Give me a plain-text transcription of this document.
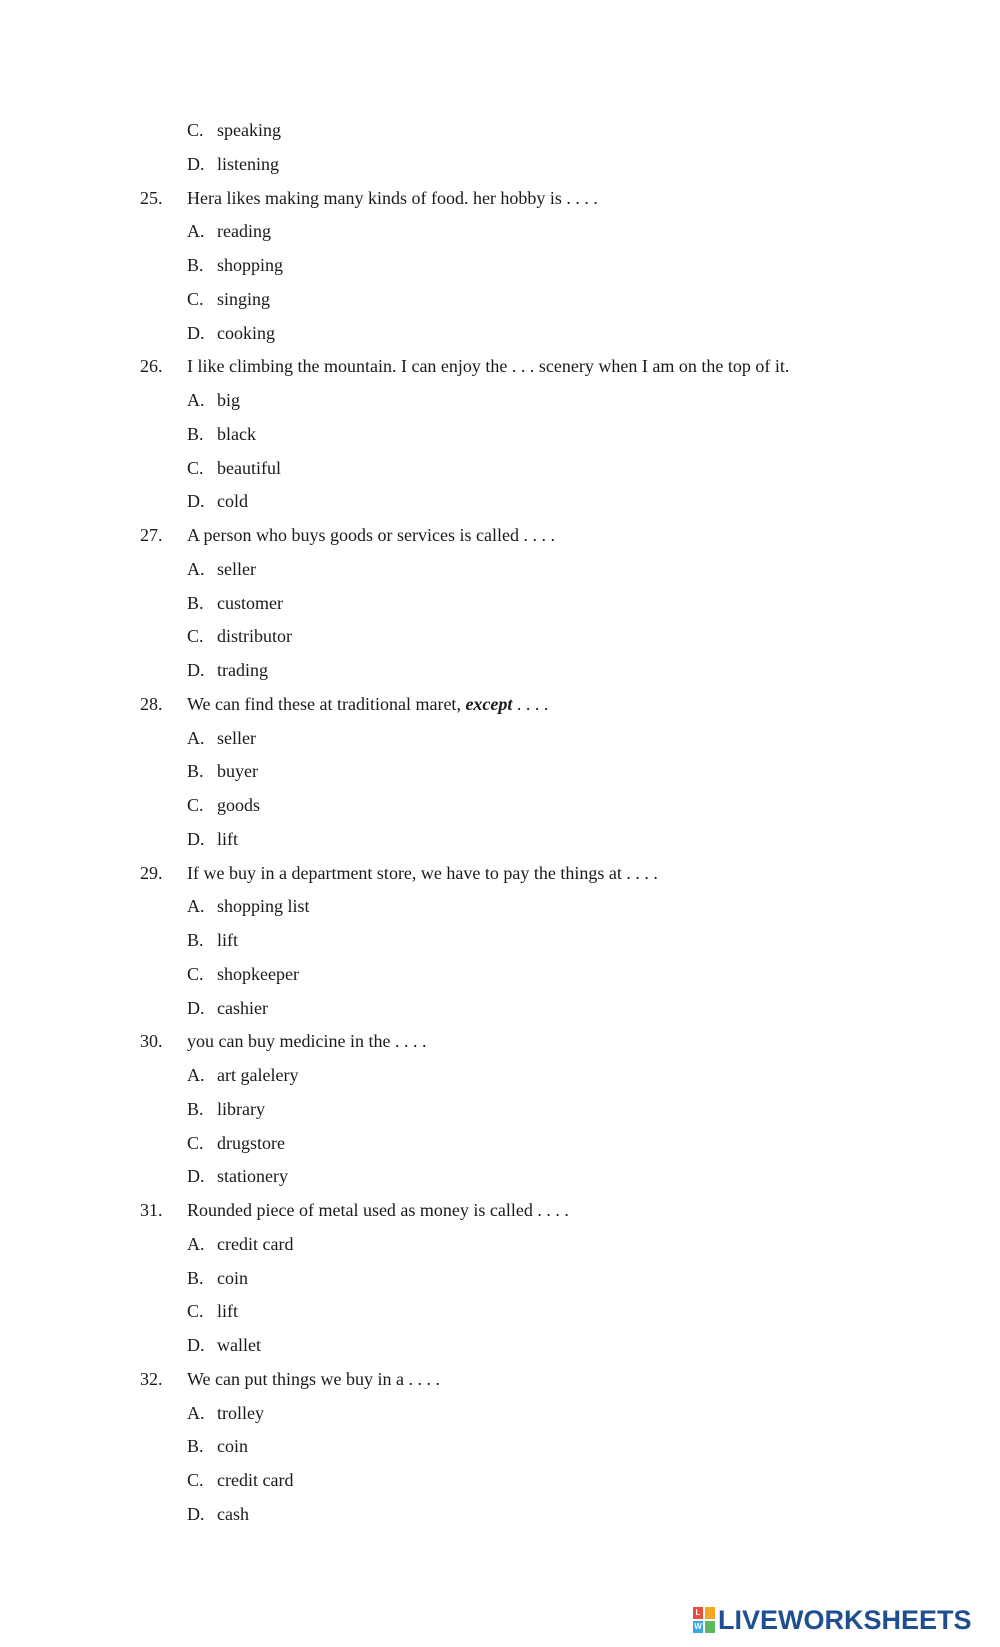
C. speaking
D. listening
25. Hera likes making many kinds of food. her hobby is . . . .
A. reading
B. shopping
C. singing
D. cooking
26. I like climbing the mountain. I can enjoy the . . . scenery when I am on the top of it.
A. big
B. black
C. beautiful
D. cold
27. A person who buys goods or services is called . . . .
A. seller
B. customer
C. distributor
D. trading
28. We can find these at traditional maret, except . . . .
A. seller
B. buyer
C. goods
D. lift
29. If we buy in a department store, we have to pay the things at . . . .
A. shopping list
B. lift
C. shopkeeper
D. cashier
30. you can buy medicine in the . . . .
A. art galelery
B. library
C. drugstore
D. stationery
31. Rounded piece of metal used as money is called . . . .
A. credit card
B. coin
C. lift
D. wallet
32. We can put things we buy in a . . . .
A. trolley
B. coin
C. credit card
D. cash
L
W LIVEWORKSHEETS
